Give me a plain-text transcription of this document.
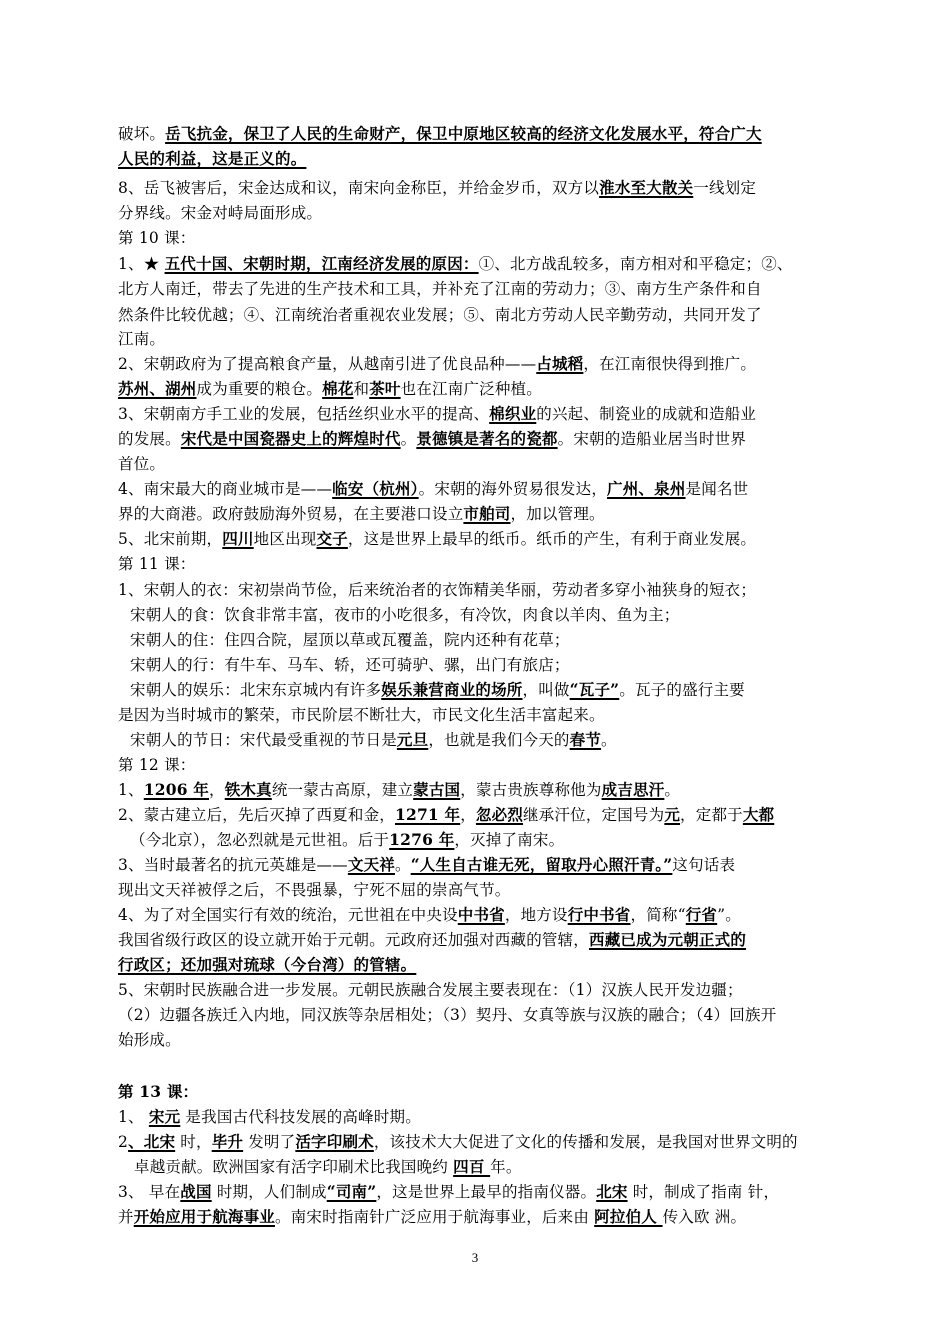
破坏。岳飞抗金，保卫了人民的生命财产，保卫中原地区较高的经济文化发展水平，符合广大
人民的利益，这是正义的。
8、岳飞被害后，宋金达成和议，南宋向金称臣，并给金岁币，双方以淮水至大散关一线划定
分界线。宋金对峙局面形成。
第 10 课：
1、★ 五代十国、宋朝时期，江南经济发展的原因：①、北方战乱较多，南方相对和平稳定；②、
北方人南迁，带去了先进的生产技术和工具，并补充了江南的劳动力；③、南方生产条件和自
然条件比较优越；④、江南统治者重视农业发展；⑤、南北方劳动人民辛勤劳动，共同开发了
江南。
2、宋朝政府为了提高粮食产量，从越南引进了优良品种——占城稻，在江南很快得到推广。
苏州、湖州成为重要的粮仓。棉花和茶叶也在江南广泛种植。
3、宋朝南方手工业的发展，包括丝织业水平的提高、棉织业的兴起、制瓷业的成就和造船业
的发展。宋代是中国瓷器史上的辉煌时代。景德镇是著名的瓷都。宋朝的造船业居当时世界
首位。
4、南宋最大的商业城市是——临安（杭州）。宋朝的海外贸易很发达，广州、泉州是闻名世
界的大商港。政府鼓励海外贸易，在主要港口设立市舶司，加以管理。
5、北宋前期，四川地区出现交子，这是世界上最早的纸币。纸币的产生，有利于商业发展。
第 11 课：
1、宋朝人的衣：宋初崇尚节俭，后来统治者的衣饰精美华丽，劳动者多穿小袖狭身的短衣；
宋朝人的食：饮食非常丰富，夜市的小吃很多，有冷饮，肉食以羊肉、鱼为主；
宋朝人的住：住四合院，屋顶以草或瓦覆盖，院内还种有花草；
宋朝人的行：有牛车、马车、轿，还可骑驴、骡，出门有旅店；
宋朝人的娱乐：北宋东京城内有许多娱乐兼营商业的场所，叫做“瓦子”。瓦子的盛行主要
是因为当时城市的繁荣，市民阶层不断壮大，市民文化生活丰富起来。
宋朝人的节日：宋代最受重视的节日是元旦，也就是我们今天的春节。
第 12 课：
1、1206 年，铁木真统一蒙古高原，建立蒙古国，蒙古贵族尊称他为成吉思汗。
2、蒙古建立后，先后灭掉了西夏和金，1271 年，忽必烈继承汗位，定国号为元，定都于大都
（今北京），忽必烈就是元世祖。后于1276 年，灭掉了南宋。
3、当时最著名的抗元英雄是——文天祥。“人生自古谁无死，留取丹心照汗青。”这句话表
现出文天祥被俘之后，不畏强暴，宁死不屈的崇高气节。
4、为了对全国实行有效的统治，元世祖在中央设中书省，地方设行中书省，简称“行省”。
我国省级行政区的设立就开始于元朝。元政府还加强对西藏的管辖，西藏已成为元朝正式的
行政区；还加强对琉球（今台湾）的管辖。
5、宋朝时民族融合进一步发展。元朝民族融合发展主要表现在：（1）汉族人民开发边疆；
（2）边疆各族迁入内地，同汉族等杂居相处；（3）契丹、女真等族与汉族的融合；（4）回族开
始形成。
第 13 课：
1、 宋元 是我国古代科技发展的高峰时期。
2、北宋 时，毕升 发明了活字印刷术，该技术大大促进了文化的传播和发展，是我国对世界文明的
卓越贡献。欧洲国家有活字印刷术比我国晚约 四百 年。
3、 早在战国 时期，人们制成“司南”，这是世界上最早的指南仪器。北宋 时，制成了指南 针，
并开始应用于航海事业。南宋时指南针广泛应用于航海事业，后来由 阿拉伯人 传入欧 洲。
3
